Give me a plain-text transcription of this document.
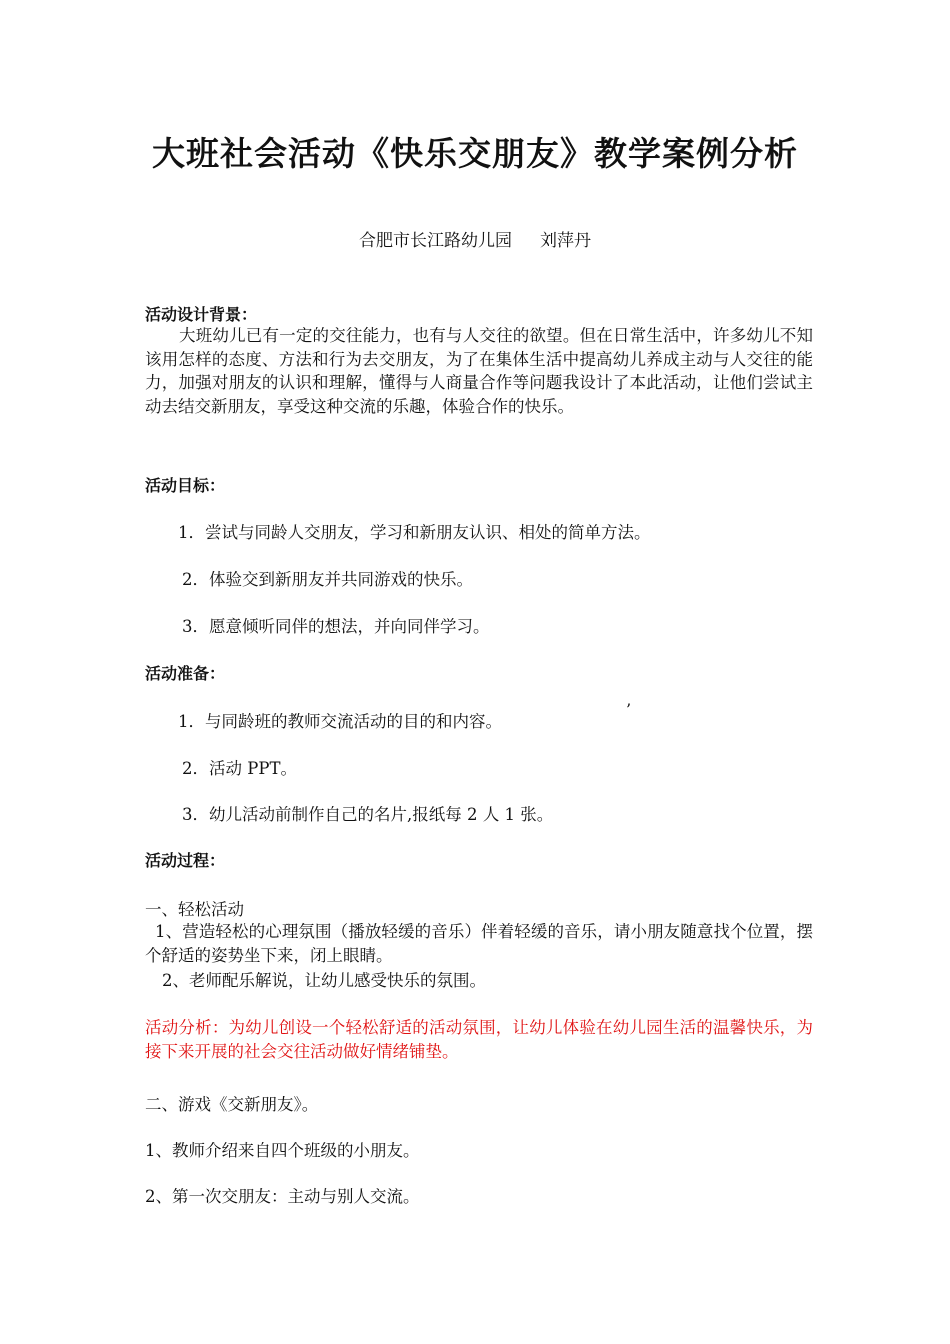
大班社会活动《快乐交朋友》教学案例分析

合肥市长江路幼儿园 刘萍丹

活动设计背景：

大班幼儿已有一定的交往能力，也有与人交往的欲望。但在日常生活中，许多幼儿不知该用怎样的态度、方法和行为去交朋友，为了在集体生活中提高幼儿养成主动与人交往的能力，加强对朋友的认识和理解，懂得与人商量合作等问题我设计了本此活动，让他们尝试主动去结交新朋友，享受这种交流的乐趣，体验合作的快乐。

活动目标：

1．尝试与同龄人交朋友，学习和新朋友认识、相处的简单方法。

2．体验交到新朋友并共同游戏的快乐。

3．愿意倾听同伴的想法，并向同伴学习。

活动准备：

1．与同龄班的教师交流活动的目的和内容。

’

2．活动 PPT。

3．幼儿活动前制作自己的名片,报纸每 2 人 1 张。

活动过程：

一、轻松活动

1、营造轻松的心理氛围（播放轻缓的音乐）伴着轻缓的音乐，请小朋友随意找个位置，摆个舒适的姿势坐下来，闭上眼睛。

2、老师配乐解说，让幼儿感受快乐的氛围。

活动分析：为幼儿创设一个轻松舒适的活动氛围，让幼儿体验在幼儿园生活的温馨快乐，为接下来开展的社会交往活动做好情绪铺垫。

二、游戏《交新朋友》。

1、教师介绍来自四个班级的小朋友。

2、第一次交朋友：主动与别人交流。
